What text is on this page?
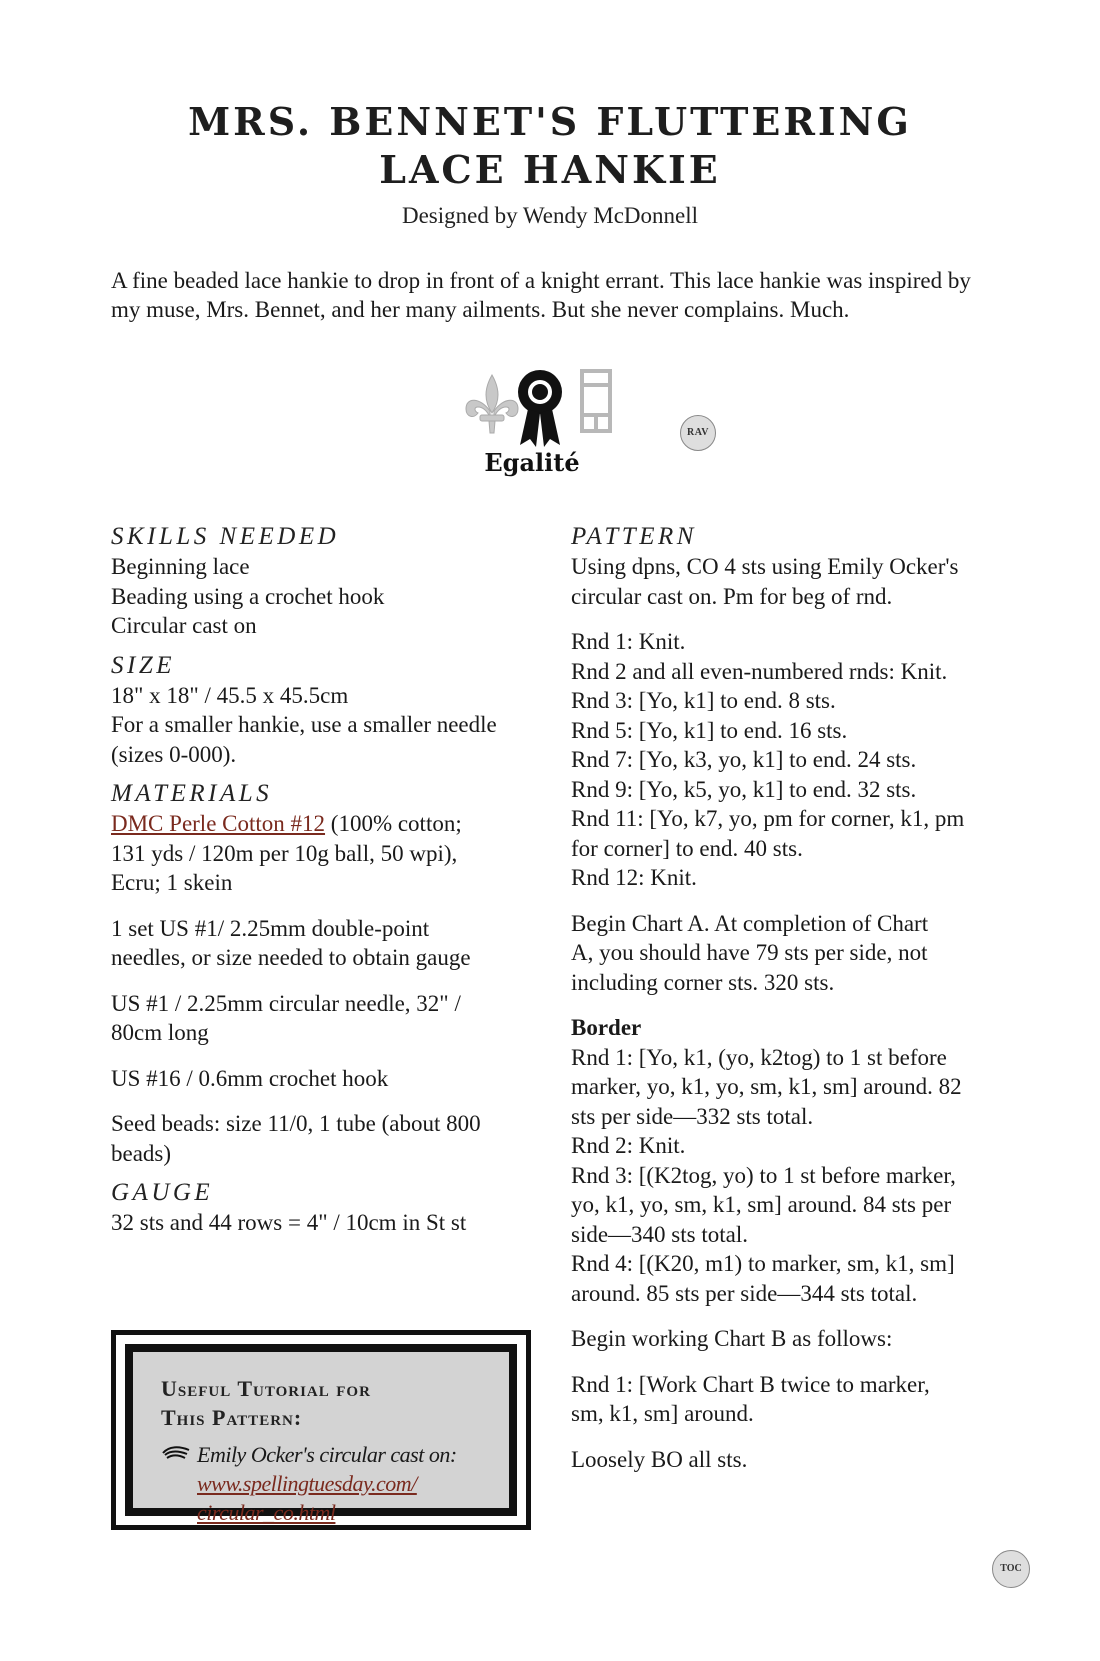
MRS. BENNET'S FLUTTERING
LACE HANKIE
Designed by Wendy McDonnell
A fine beaded lace hankie to drop in front of a knight errant. This lace hankie was inspired by my muse, Mrs. Bennet, and her many ailments. But she never complains. Much.
Egalité
RAV

SKILLS NEEDED

Beginning lace

Beading using a crochet hook

Circular cast on

SIZE

18" x 18" / 45.5 x 45.5cm

For a smaller hankie, use a smaller needle

(sizes 0-000).

MATERIALS

DMC Perle Cotton #12 (100% cotton;

131 yds / 120m per 10g ball, 50 wpi),

Ecru; 1 skein

1 set US #1/ 2.25mm double-point

needles, or size needed to obtain gauge

US #1 / 2.25mm circular needle, 32" /

80cm long

US #16 / 0.6mm crochet hook

Seed beads: size 11/0, 1 tube (about 800

beads)

GAUGE

32 sts and 44 rows = 4" / 10cm in St st

Useful Tutorial for

This Pattern:

Emily Ocker's circular cast on:
www.spellingtuesday.com/
circular_co.html

PATTERN

Using dpns, CO 4 sts using Emily Ocker's

circular cast on. Pm for beg of rnd.

Rnd 1: Knit.

Rnd 2 and all even-numbered rnds: Knit.

Rnd 3: [Yo, k1] to end. 8 sts.

Rnd 5: [Yo, k1] to end. 16 sts.

Rnd 7: [Yo, k3, yo, k1] to end. 24 sts.

Rnd 9: [Yo, k5, yo, k1] to end. 32 sts.

Rnd 11: [Yo, k7, yo, pm for corner, k1, pm

for corner] to end. 40 sts.

Rnd 12: Knit.

Begin Chart A. At completion of Chart

A, you should have 79 sts per side, not

including corner sts. 320 sts.

Border

Rnd 1: [Yo, k1, (yo, k2tog) to 1 st before

marker, yo, k1, yo, sm, k1, sm] around. 82

sts per side—332 sts total.

Rnd 2: Knit.

Rnd 3: [(K2tog, yo) to 1 st before marker,

yo, k1, yo, sm, k1, sm] around. 84 sts per

side—340 sts total.

Rnd 4: [(K20, m1) to marker, sm, k1, sm]

around. 85 sts per side—344 sts total.

Begin working Chart B as follows:

Rnd 1: [Work Chart B twice to marker,

sm, k1, sm] around.

Loosely BO all sts.

TOC
